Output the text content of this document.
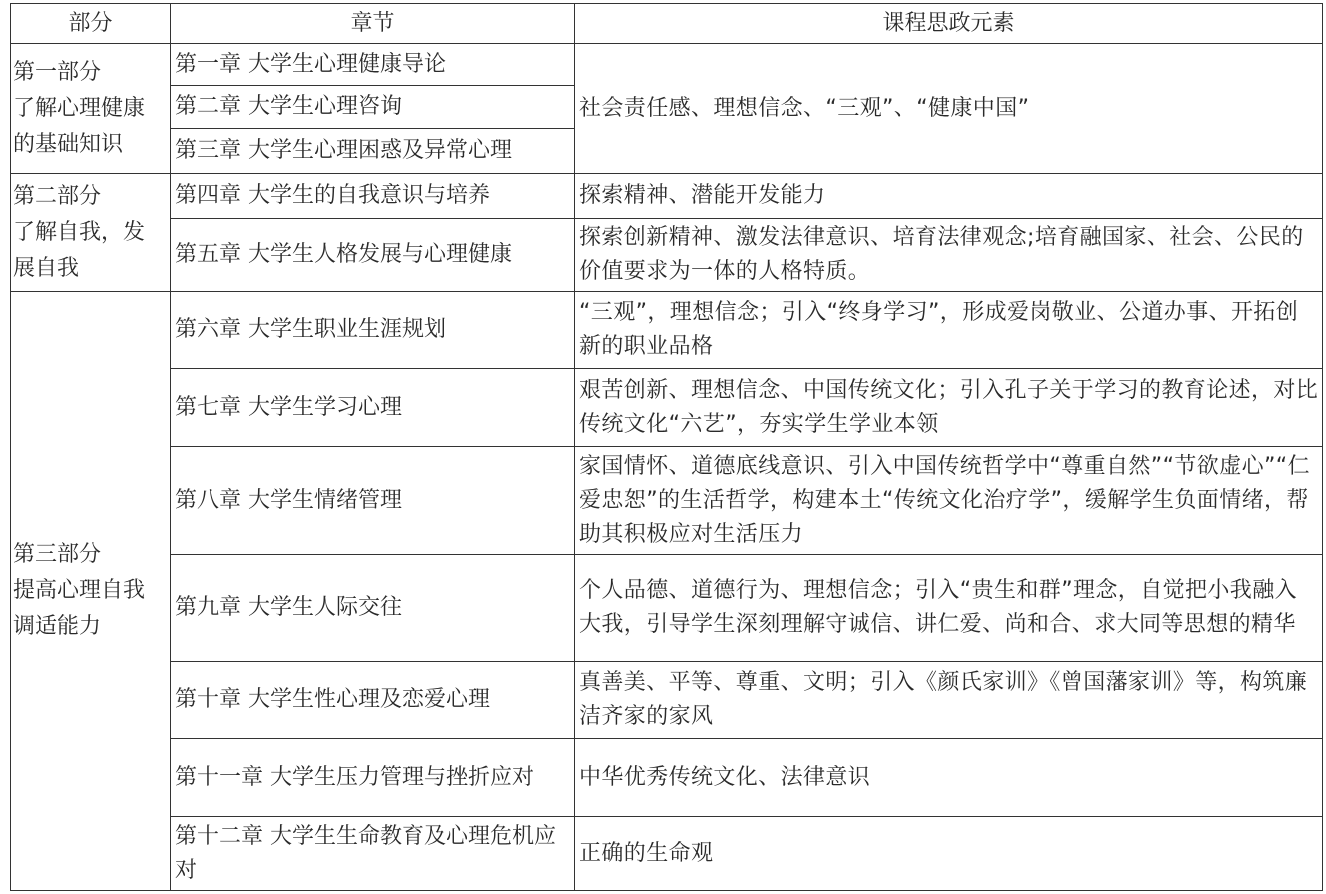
部分	章节	课程思政元素

第一部分
了解心理健康
的基础知识	第一章 大学生心理健康导论	社会责任感、理想信念、“三观”、“健康中国”
	第二章 大学生心理咨询	
	第三章 大学生心理困惑及异常心理	

第二部分
了解自我，发
展自我	第四章 大学生的自我意识与培养	探索精神、潜能开发能力
	第五章 大学生人格发展与心理健康	探索创新精神、激发法律意识、培育法律观念;培育融国家、社会、公民的价值要求为一体的人格特质。

第三部分
提高心理自我
调适能力	第六章 大学生职业生涯规划	“三观”，理想信念；引入“终身学习”，形成爱岗敬业、公道办事、开拓创新的职业品格
	第七章 大学生学习心理	艰苦创新、理想信念、中国传统文化；引入孔子关于学习的教育论述，对比传统文化“六艺”，夯实学生学业本领
	第八章 大学生情绪管理	家国情怀、道德底线意识、引入中国传统哲学中“尊重自然”“节欲虚心”“仁爱忠恕”的生活哲学，构建本土“传统文化治疗学”，缓解学生负面情绪，帮助其积极应对生活压力
	第九章 大学生人际交往	个人品德、道德行为、理想信念；引入“贵生和群”理念，自觉把小我融入大我，引导学生深刻理解守诚信、讲仁爱、尚和合、求大同等思想的精华
	第十章 大学生性心理及恋爱心理	真善美、平等、尊重、文明；引入《颜氏家训》《曾国藩家训》等，构筑廉洁齐家的家风
	第十一章 大学生压力管理与挫折应对	中华优秀传统文化、法律意识
	第十二章 大学生生命教育及心理危机应对	正确的生命观
